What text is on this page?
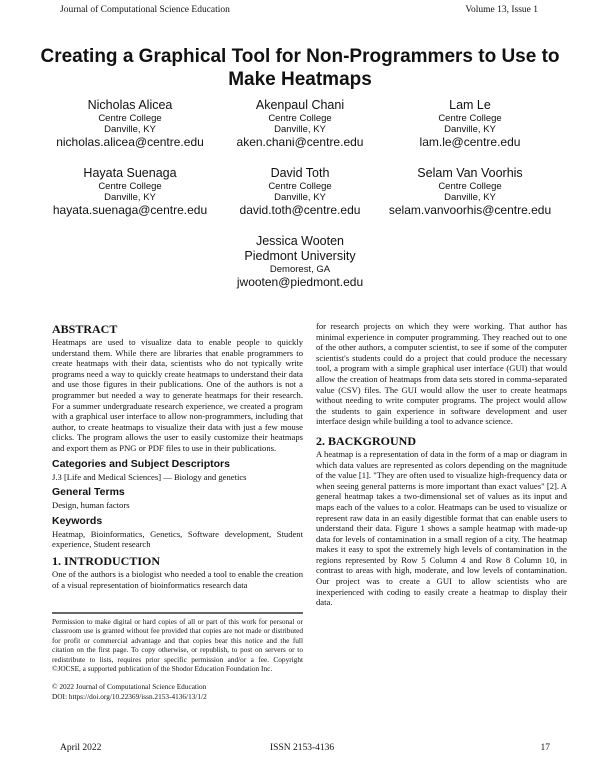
Journal of Computational Science Education	Volume 13, Issue 1
Creating a Graphical Tool for Non-Programmers to Use to Make Heatmaps
Nicholas Alicea
Centre College
Danville, KY
nicholas.alicea@centre.edu
Akenpaul Chani
Centre College
Danville, KY
aken.chani@centre.edu
Lam Le
Centre College
Danville, KY
lam.le@centre.edu
Hayata Suenaga
Centre College
Danville, KY
hayata.suenaga@centre.edu
David Toth
Centre College
Danville, KY
david.toth@centre.edu
Selam Van Voorhis
Centre College
Danville, KY
selam.vanvoorhis@centre.edu
Jessica Wooten
Piedmont University
Demorest, GA
jwooten@piedmont.edu
ABSTRACT

Heatmaps are used to visualize data to enable people to quickly understand them. While there are libraries that enable programmers to create heatmaps with their data, scientists who do not typically write programs need a way to quickly create heatmaps to understand their data and use those figures in their publications. One of the authors is not a programmer but needed a way to generate heatmaps for their research. For a summer undergraduate research experience, we created a program with a graphical user interface to allow non-programmers, including that author, to create heatmaps to visualize their data with just a few mouse clicks. The program allows the user to easily customize their heatmaps and export them as PNG or PDF files to use in their publications.

Categories and Subject Descriptors

J.3 [Life and Medical Sciences] — Biology and genetics

General Terms

Design, human factors

Keywords

Heatmap, Bioinformatics, Genetics, Software development, Student experience, Student research

1. INTRODUCTION

One of the authors is a biologist who needed a tool to enable the creation of a visual representation of bioinformatics research data

Permission to make digital or hard copies of all or part of this work for personal or classroom use is granted without fee provided that copies are not made or distributed for profit or commercial advantage and that copies bear this notice and the full citation on the first page. To copy otherwise, or republish, to post on servers or to redistribute to lists, requires prior specific permission and/or a fee. Copyright ©JOCSE, a supported publication of the Shodor Education Foundation Inc.
© 2022 Journal of Computational Science Education
DOI: https://doi.org/10.22369/issn.2153-4136/13/1/2

for research projects on which they were working. That author has minimal experience in computer programming. They reached out to one of the other authors, a computer scientist, to see if some of the computer scientist's students could do a project that could produce the necessary tool, a program with a simple graphical user interface (GUI) that would allow the creation of heatmaps from data sets stored in comma-separated value (CSV) files. The GUI would allow the user to create heatmaps without needing to write computer programs. The project would allow the students to gain experience in software development and user interface design while building a tool to advance science.

2. BACKGROUND

A heatmap is a representation of data in the form of a map or diagram in which data values are represented as colors depending on the magnitude of the value [1]. "They are often used to visualize high-frequency data or when seeing general patterns is more important than exact values" [2]. A general heatmap takes a two-dimensional set of values as its input and maps each of the values to a color. Heatmaps can be used to visualize or represent raw data in an easily digestible format that can enable users to understand their data. Figure 1 shows a sample heatmap with made-up data for levels of contamination in a small region of a city. The heatmap makes it easy to spot the extremely high levels of contamination in the regions represented by Row 5 Column 4 and Row 8 Column 10, in contrast to areas with high, moderate, and low levels of contamination. Our project was to create a GUI to allow scientists who are inexperienced with coding to easily create a heatmap to display their data.

April 2022	ISSN 2153-4136	17
